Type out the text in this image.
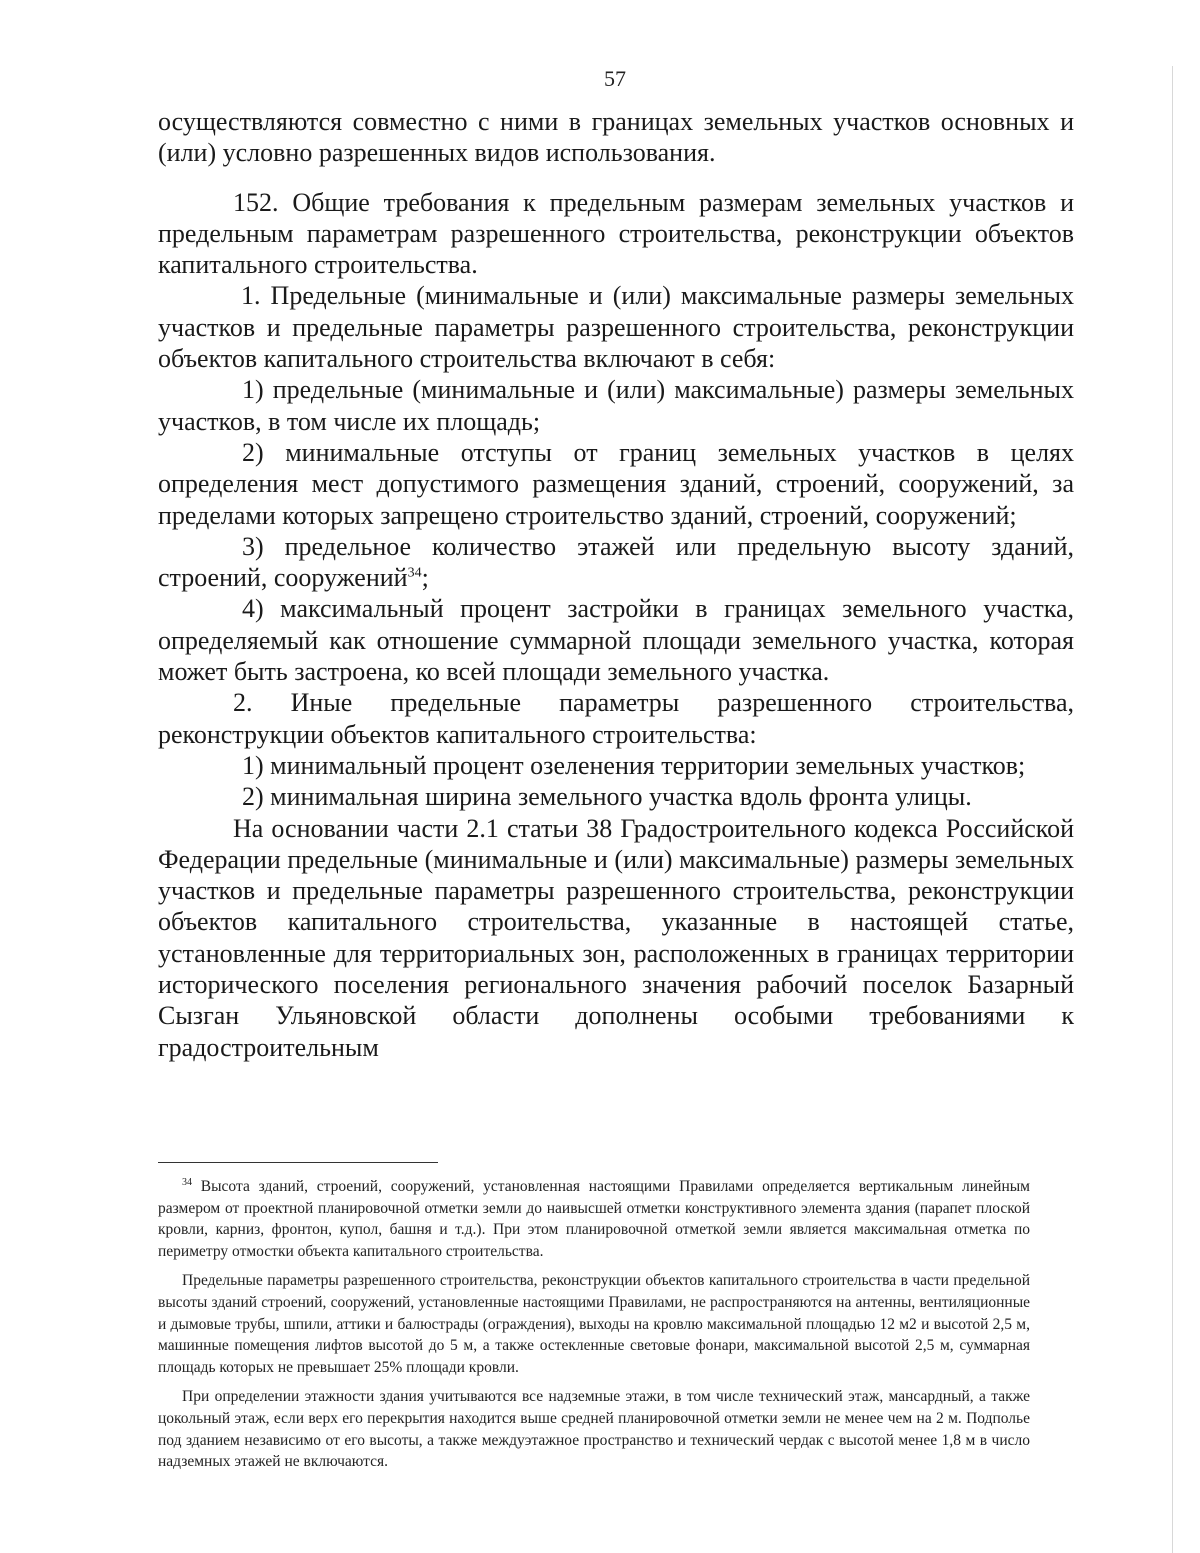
57

осуществляются совместно с ними в границах земельных участков основных и (или) условно разрешенных видов использования.

152. Общие требования к предельным размерам земельных участков и предельным параметрам разрешенного строительства, реконструкции объектов капитального строительства.

1. Предельные (минимальные и (или) максимальные размеры земельных участков и предельные параметры разрешенного строительства, реконструкции объектов капитального строительства включают в себя:

1) предельные (минимальные и (или) максимальные) размеры земельных участков, в том числе их площадь;

2) минимальные отступы от границ земельных участков в целях определения мест допустимого размещения зданий, строений, сооружений, за пределами которых запрещено строительство зданий, строений, сооружений;

3) предельное количество этажей или предельную высоту зданий, строений, сооружений$^{34}$;

4) максимальный процент застройки в границах земельного участка, определяемый как отношение суммарной площади земельного участка, которая может быть застроена, ко всей площади земельного участка.

2. Иные предельные параметры разрешенного строительства, реконструкции объектов капитального строительства:

1) минимальный процент озеленения территории земельных участков;

2) минимальная ширина земельного участка вдоль фронта улицы.

На основании части 2.1 статьи 38 Градостроительного кодекса Российской Федерации предельные (минимальные и (или) максимальные) размеры земельных участков и предельные параметры разрешенного строительства, реконструкции объектов капитального строительства, указанные в настоящей статье, установленные для территориальных зон, расположенных в границах территории исторического поселения регионального значения рабочий поселок Базарный Сызган Ульяновской области дополнены особыми требованиями к градостроительным

$^{34}$ Высота зданий, строений, сооружений, установленная настоящими Правилами определяется вертикальным линейным размером от проектной планировочной отметки земли до наивысшей отметки конструктивного элемента здания (парапет плоской кровли, карниз, фронтон, купол, башня и т.д.). При этом планировочной отметкой земли является максимальная отметка по периметру отмостки объекта капитального строительства.

Предельные параметры разрешенного строительства, реконструкции объектов капитального строительства в части предельной высоты зданий строений, сооружений, установленные настоящими Правилами, не распространяются на антенны, вентиляционные и дымовые трубы, шпили, аттики и балюстрады (ограждения), выходы на кровлю максимальной площадью 12 м2 и высотой 2,5 м, машинные помещения лифтов высотой до 5 м, а также остекленные световые фонари, максимальной высотой 2,5 м, суммарная площадь которых не превышает 25% площади кровли.

При определении этажности здания учитываются все надземные этажи, в том числе технический этаж, мансардный, а также цокольный этаж, если верх его перекрытия находится выше средней планировочной отметки земли не менее чем на 2 м. Подполье под зданием независимо от его высоты, а также междуэтажное пространство и технический чердак с высотой менее 1,8 м в число надземных этажей не включаются.
